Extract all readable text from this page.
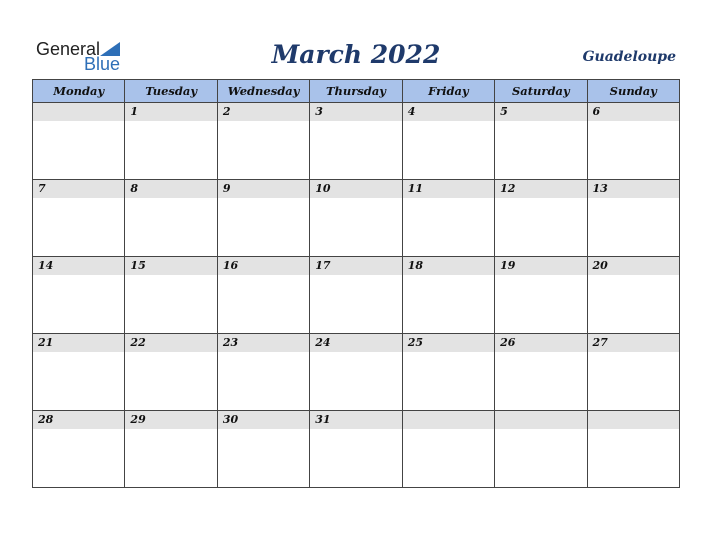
General
Blue	March 2022	Guadeloupe
Monday	Tuesday	Wednesday	Thursday	Friday	Saturday	Sunday

	1	2	3	4	5	6

7	8	9	10	11	12	13

14	15	16	17	18	19	20

21	22	23	24	25	26	27

28	29	30	31			
